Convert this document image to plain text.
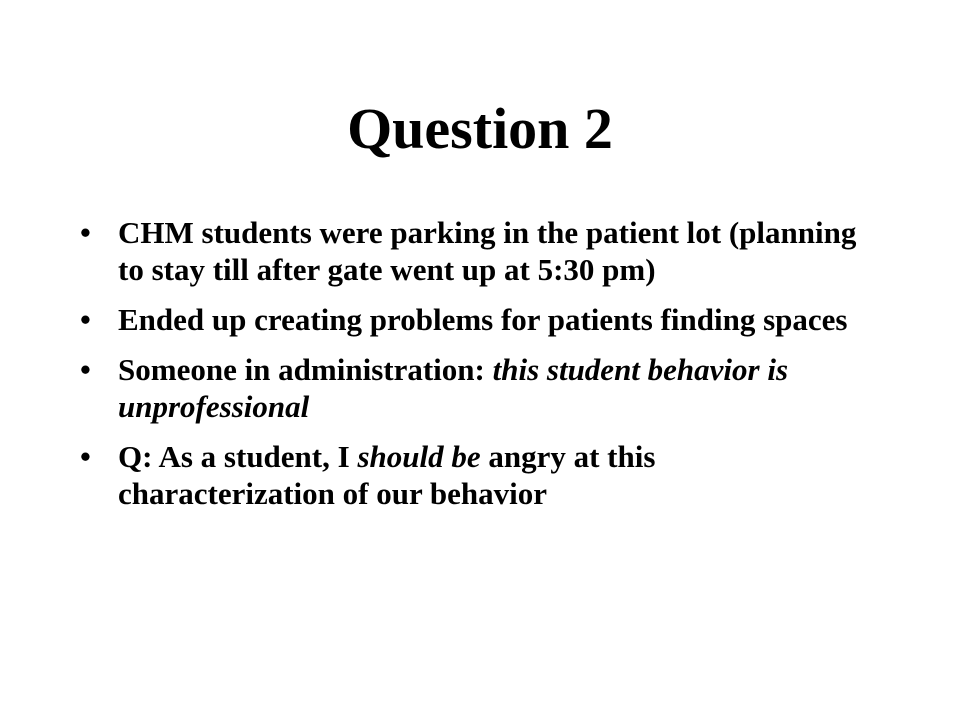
Question 2
• CHM students were parking in the patient lot (planning to stay till after gate went up at 5:30 pm)
• Ended up creating problems for patients finding spaces
• Someone in administration: this student behavior is unprofessional
• Q: As a student, I should be angry at this characterization of our behavior
